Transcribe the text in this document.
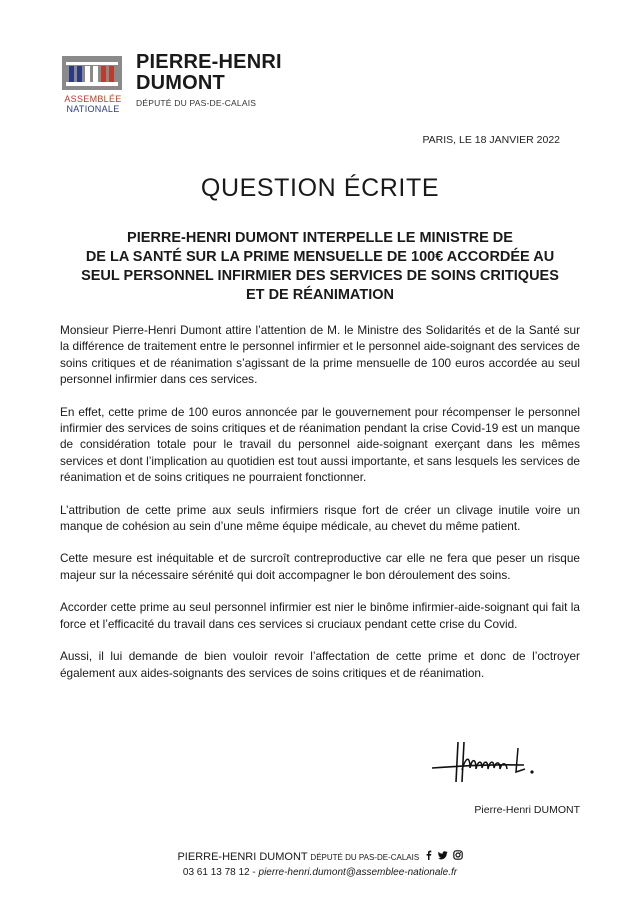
ASSEMBLÉE
NATIONALE
PIERRE-HENRI
DUMONT
DÉPUTÉ DU PAS-DE-CALAIS
PARIS, LE 18 JANVIER 2022
QUESTION ÉCRITE
PIERRE-HENRI DUMONT INTERPELLE LE MINISTRE DE
DE LA SANTÉ SUR LA PRIME MENSUELLE DE 100€ ACCORDÉE AU
SEUL PERSONNEL INFIRMIER DES SERVICES DE SOINS CRITIQUES
ET DE RÉANIMATION

Monsieur Pierre-Henri Dumont attire l’attention de M. le Ministre des Solidarités et de la Santé sur la différence de traitement entre le personnel infirmier et le personnel aide-soignant des services de soins critiques et de réanimation s’agissant de la prime mensuelle de 100 euros accordée au seul personnel infirmier dans ces services.

En effet, cette prime de 100 euros annoncée par le gouvernement pour récompenser le personnel infirmier des services de soins critiques et de réanimation pendant la crise Covid-19 est un manque de considération totale pour le travail du personnel aide-soignant exerçant dans les mêmes services et dont l’implication au quotidien est tout aussi importante, et sans lesquels les services de réanimation et de soins critiques ne pourraient fonctionner.

L’attribution de cette prime aux seuls infirmiers risque fort de créer un clivage inutile voire un manque de cohésion au sein d’une même équipe médicale, au chevet du même patient.

Cette mesure est inéquitable et de surcroît contreproductive car elle ne fera que peser un risque majeur sur la nécessaire sérénité qui doit accompagner le bon déroulement des soins.

Accorder cette prime au seul personnel infirmier est nier le binôme infirmier-aide-soignant qui fait la force et l’efficacité du travail dans ces services si cruciaux pendant cette crise du Covid.

Aussi, il lui demande de bien vouloir revoir l’affectation de cette prime et donc de l’octroyer également aux aides-soignants des services de soins critiques et de réanimation.

Pierre-Henri DUMONT
PIERRE-HENRI DUMONT DÉPUTÉ DU PAS-DE-CALAIS
03 61 13 78 12 - pierre-henri.dumont@assemblee-nationale.fr
